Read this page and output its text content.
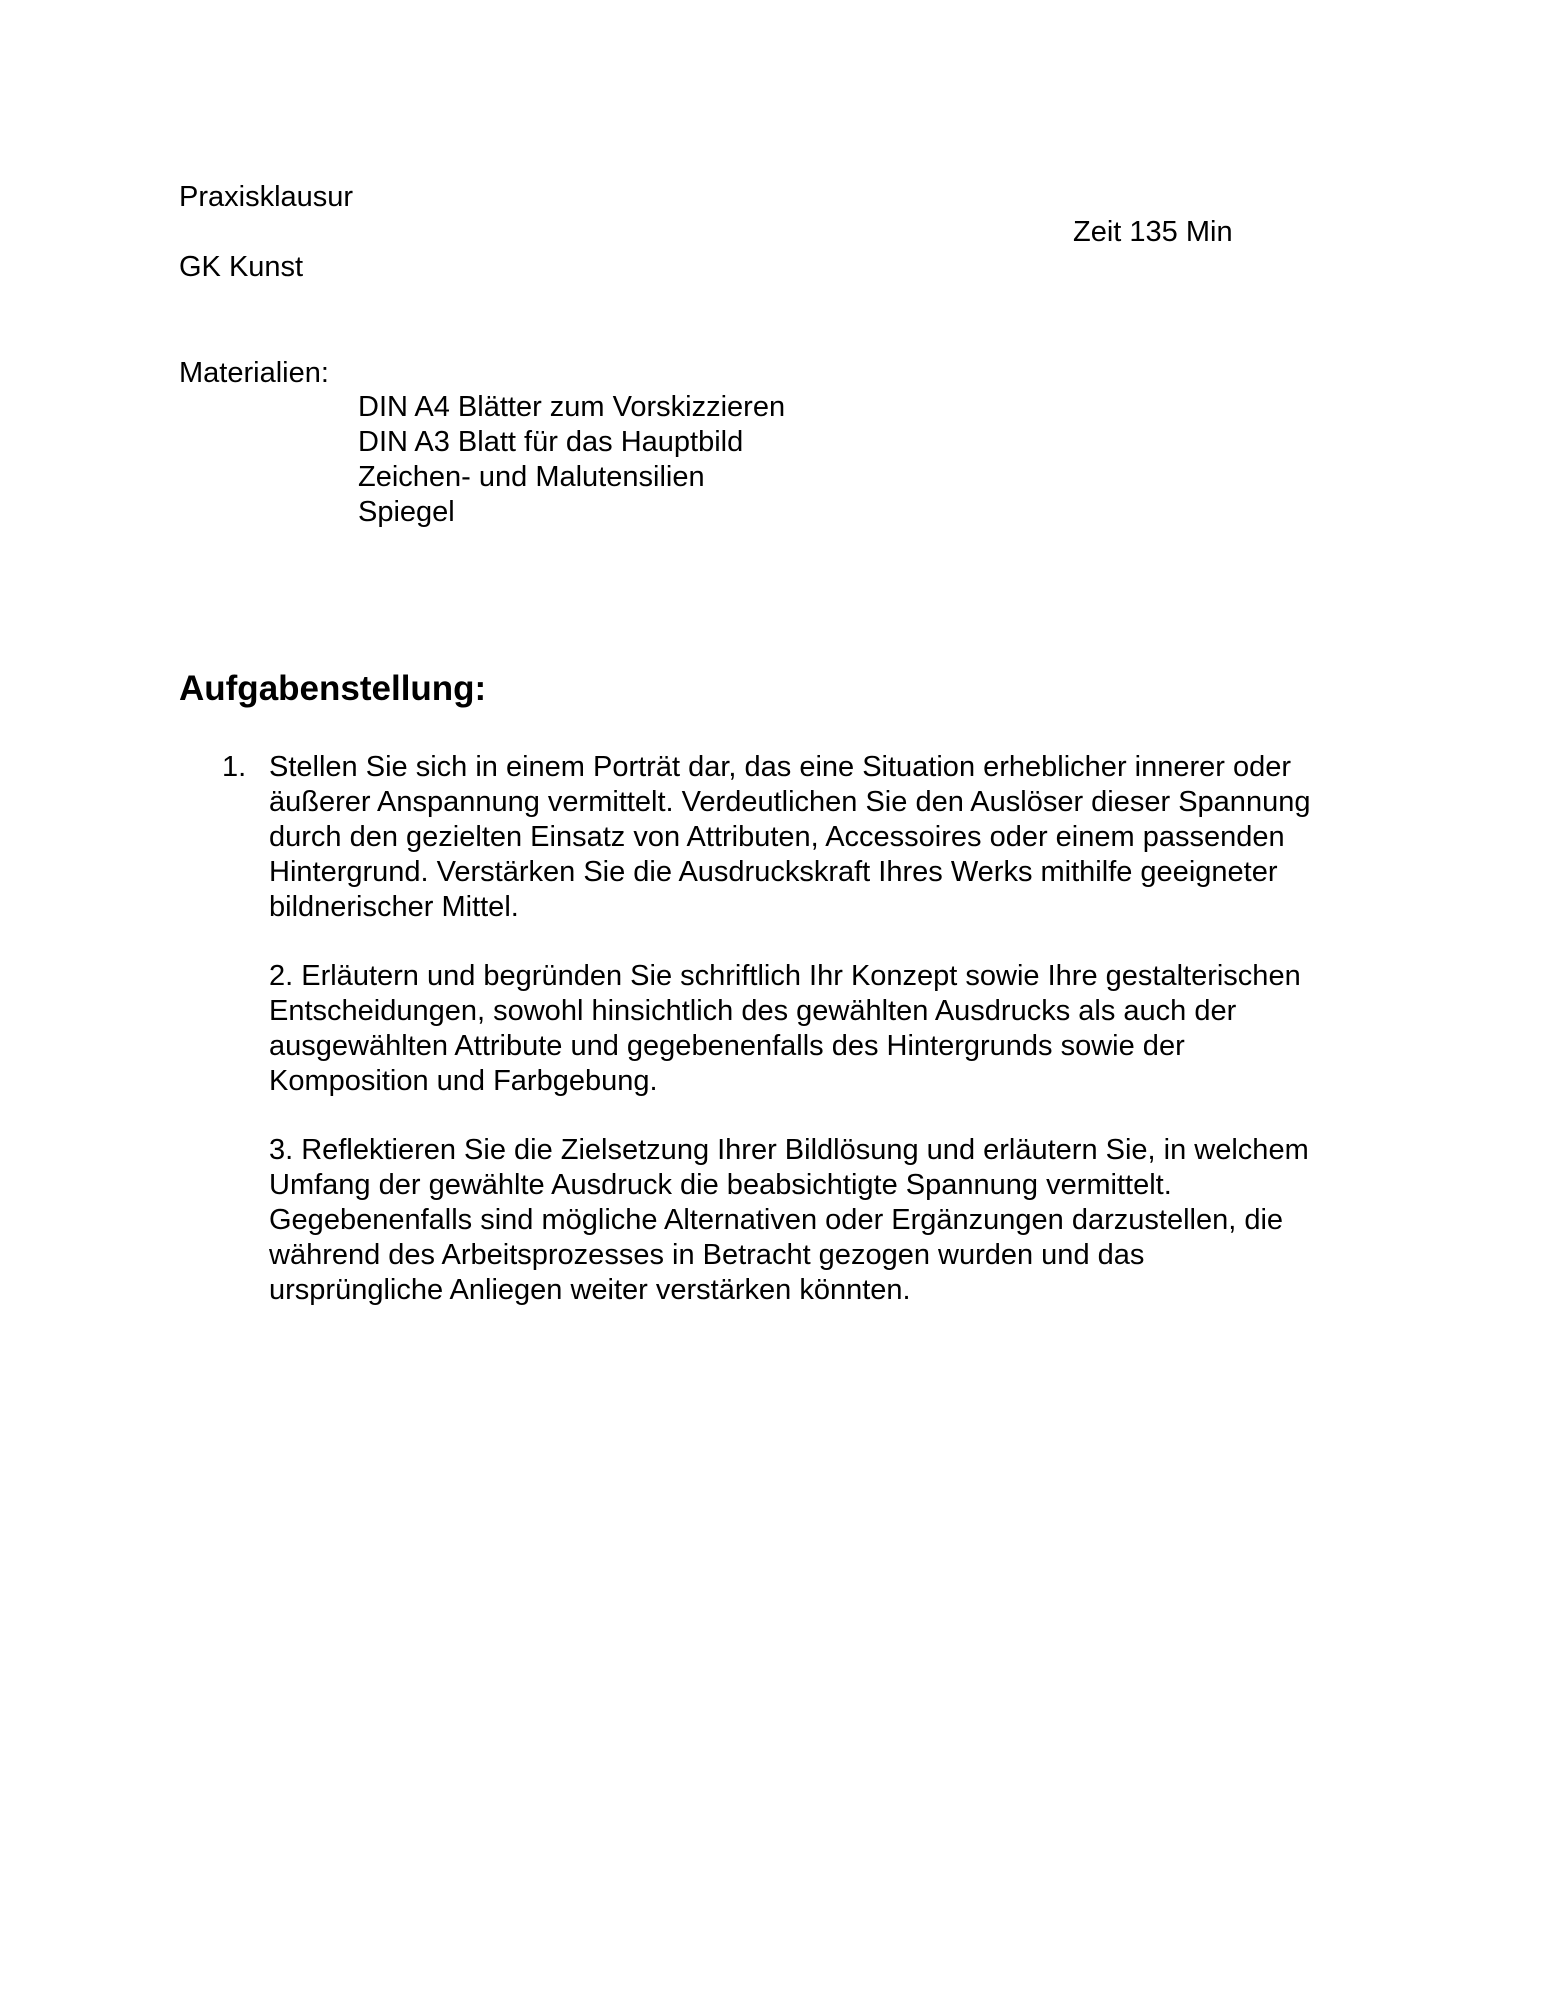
Praxisklausur

GK Kunst

Zeit 135 Min

Materialien:

DIN A4 Blätter zum Vorskizzieren
DIN A3 Blatt für das Hauptbild
Zeichen- und Malutensilien
Spiegel
Aufgabenstellung:
1. Stellen Sie sich in einem Porträt dar, das eine Situation erheblicher innerer oder
äußerer Anspannung vermittelt. Verdeutlichen Sie den Auslöser dieser Spannung
durch den gezielten Einsatz von Attributen, Accessoires oder einem passenden
Hintergrund. Verstärken Sie die Ausdruckskraft Ihres Werks mithilfe geeigneter
bildnerischer Mittel.
2. Erläutern und begründen Sie schriftlich Ihr Konzept sowie Ihre gestalterischen
Entscheidungen, sowohl hinsichtlich des gewählten Ausdrucks als auch der
ausgewählten Attribute und gegebenenfalls des Hintergrunds sowie der
Komposition und Farbgebung.
3. Reflektieren Sie die Zielsetzung Ihrer Bildlösung und erläutern Sie, in welchem
Umfang der gewählte Ausdruck die beabsichtigte Spannung vermittelt.
Gegebenenfalls sind mögliche Alternativen oder Ergänzungen darzustellen, die
während des Arbeitsprozesses in Betracht gezogen wurden und das
ursprüngliche Anliegen weiter verstärken könnten.
